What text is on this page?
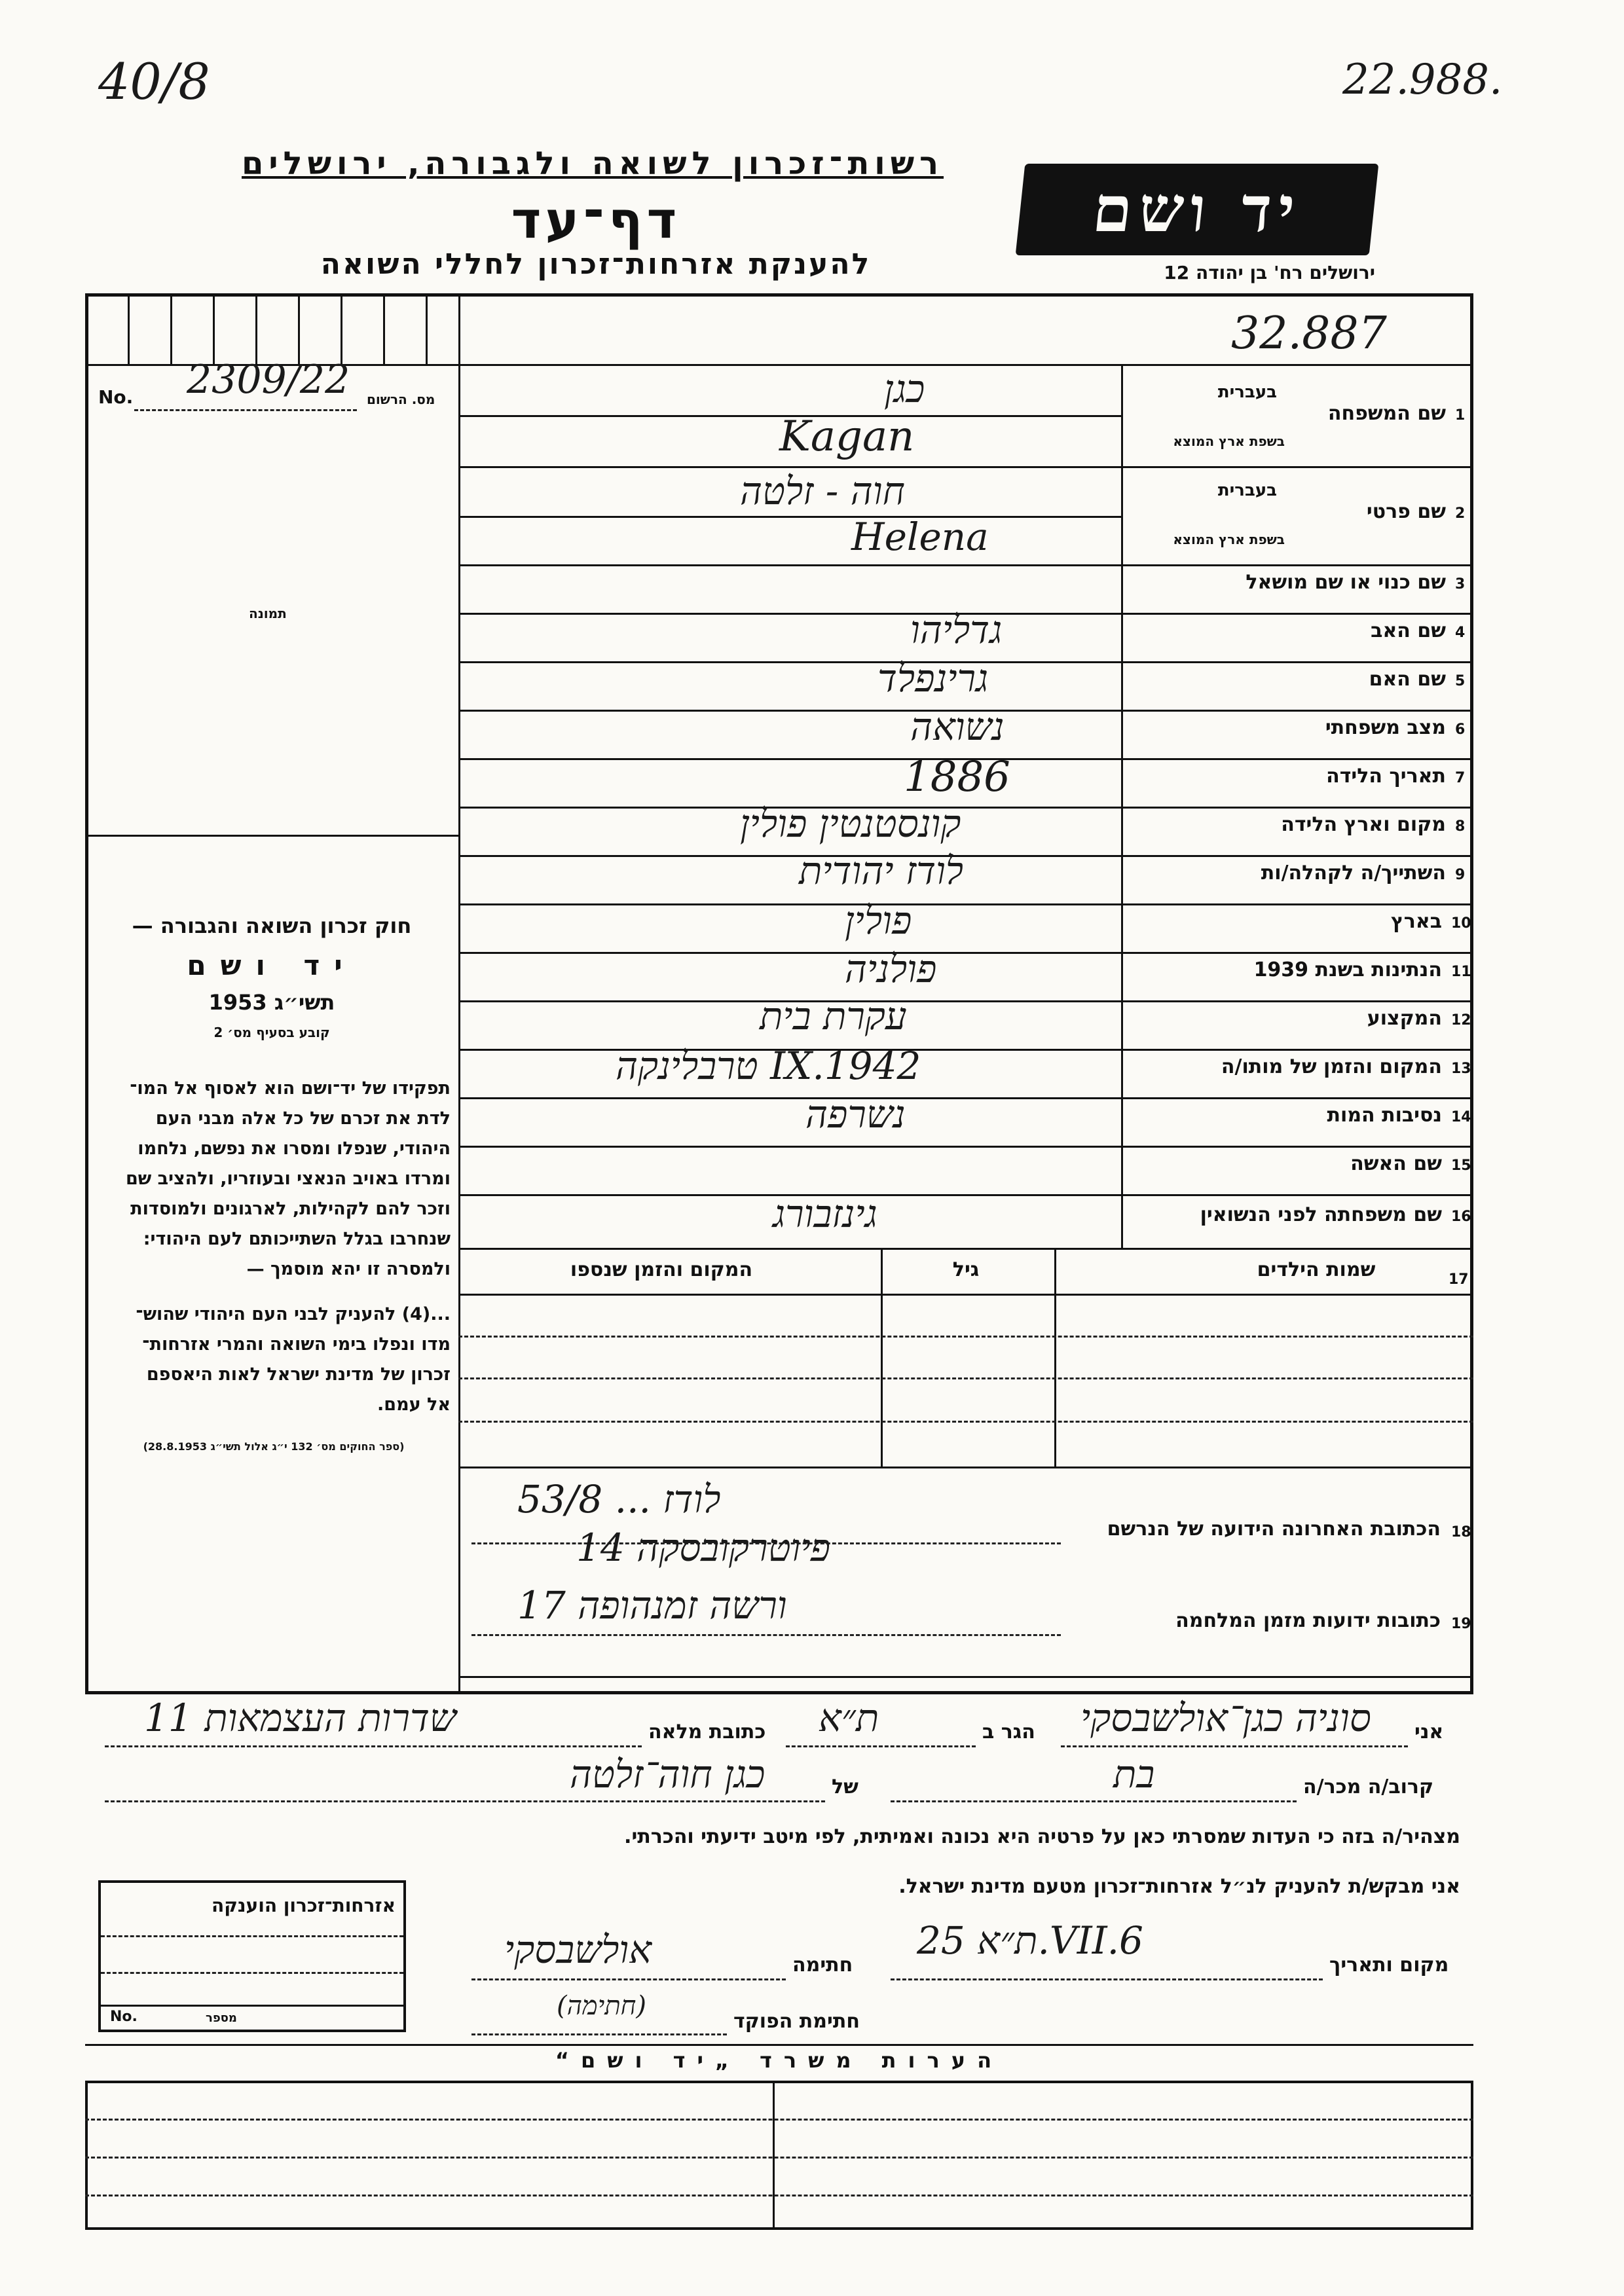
40/8	22.988.
רשות־זכרון לשואה ולגבורה, ירושלים
דף־עד
להענקת אזרחות־זכרון לחללי השואה
יד ושם
ירושלים רח' בן יהודה 12
32.887
No. 2309/22 מס. הרשום
תמונה
חוק זכרון השואה והגבורה —
יד ושם
תשי״ג 1953
קובע בסעיף מס׳ 2
תפקידו של יד־ושם הוא לאסוף אל המו־
לדת את זכרם של כל אלה מבני העם
היהודי, שנפלו ומסרו את נפשם, נלחמו
ומרדו באויב הנאצי ובעוזריו, ולהציב שם
וזכר להם לקהילות, לארגונים ולמוסדות
שנחרבו בגלל השתייכותם לעם היהודי:
ולמסרה זו יהא מוסמך —
...(4) להעניק לבני העם היהודי שהוש־
מדו ונפלו בימי השואה והמרי אזרחות־
זכרון של מדינת ישראל לאות היאספם
אל עמם.
(ספר החוקים מס׳ 132 י״ג אלול תשי״ג 28.8.1953)
1
שם המשפחה
בעברית
בשפת ארץ המוצא
כגן
Kagan
2
שם פרטי
בעברית
בשפת ארץ המוצא
חוה - זלטה
Helena
3
שם כנוי או שם מושאל
4
שם האב
גדליהו
5
שם האם
גרינפלד
6
מצב משפחתי
נשואה
7
תאריך הלידה
1886
8
מקום וארץ הלידה
קונסטנטין פולין
9
השתייך/ה לקהלה/ות
לודז יהודית
10
בארץ
פולין
11
הנתינות בשנת 1939
פולניה
12
המקצוע
עקרת בית
13
המקום והזמן של מותו/ה
טרבלינקה IX.1942
14
נסיבות המות
נשרפה
15
שם האשה
16
שם משפחתה לפני הנשואין
גינזבורג
17
שמות הילדים
גיל
המקום והזמן שנספו
18
הכתובת האחרונה הידועה של הנרשם
לודז ... 53/8
פיוטרקובסקה 14
19
כתובות ידועות מזמן המלחמה
ורשה זמנהופה 17
אני
סוניה כגן־אולשבסקי
הגר ב
ת״א
כתובת מלאה
שדרות העצמאות 11
קרוב/ה מכר/ה
בת
של
כגן חוה־זלטה
מצהיר/ה בזה כי העדות שמסרתי כאן על פרטיה היא נכונה ואמיתית, לפי מיטב ידיעתי והכרתי.
אני מבקש/ת להעניק לנ״ל אזרחות־זכרון מטעם מדינת ישראל.
אזרחות־זכרון הוענקה
No.	מספר
מקום ותאריך
ת״א 25.VII.6
חתימה
אולשבסקי
חתימת הפוקד
(חתימה)
הערות משרד „יד ושם“
